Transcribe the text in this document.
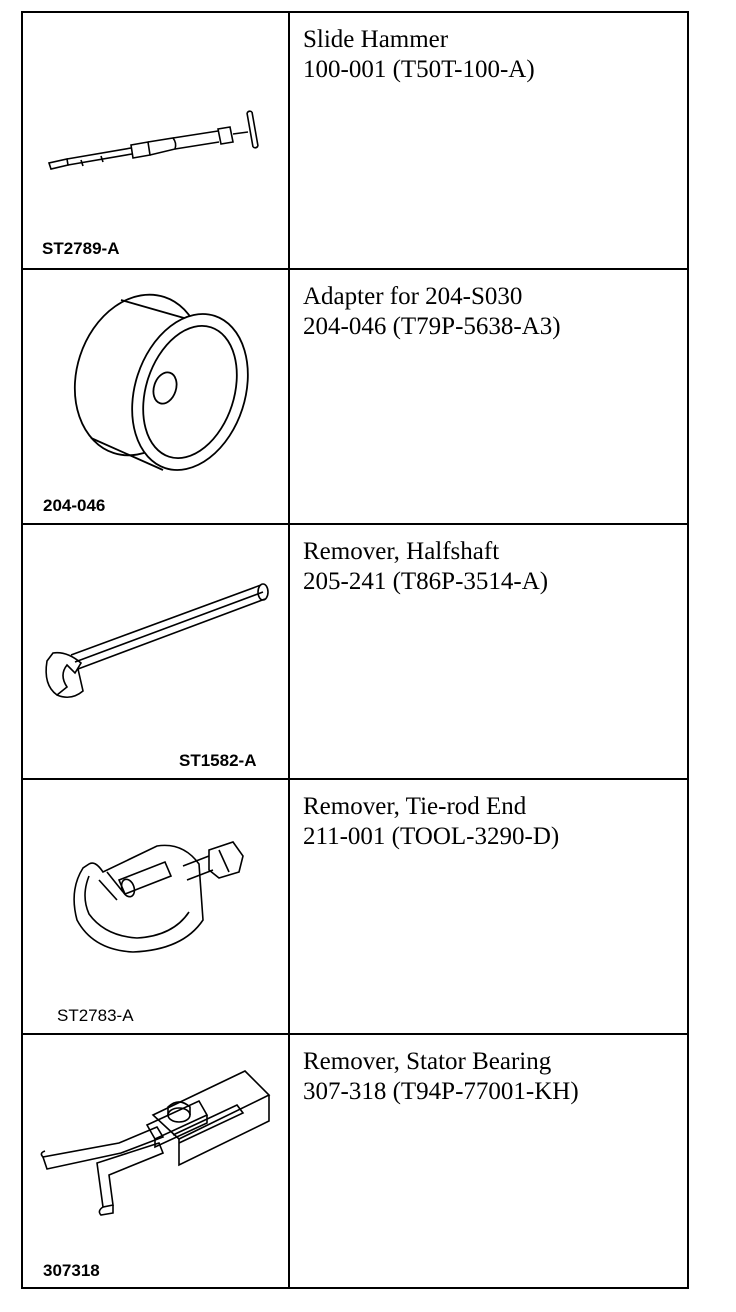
ST2789-A
Slide Hammer
100-001 (T50T-100-A)
204-046
Adapter for 204-S030
204-046 (T79P-5638-A3)
ST1582-A
Remover, Halfshaft
205-241 (T86P-3514-A)
ST2783-A
Remover, Tie-rod End
211-001 (TOOL-3290-D)
307318
Remover, Stator Bearing
307-318 (T94P-77001-KH)
